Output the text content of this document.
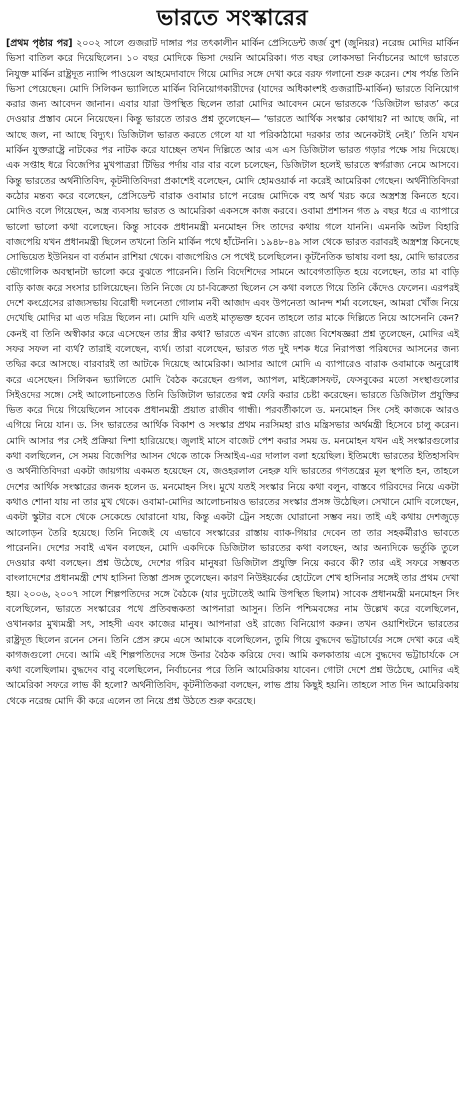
ভারতে সংস্কারের

[প্রথম পৃষ্ঠার পর] ২০০২ সালে গুজরাট দাঙ্গার পর তৎকালীন মার্কিন প্রেসিডেন্ট জর্জ বুশ (জুনিয়র) নরেন্দ্র মোদির মার্কিন ভিসা বাতিল করে দিয়েছিলেন। ১০ বছর মোদিকে ভিসা দেয়নি আমেরিকা। গত বছর লোকসভা নির্বাচনের আগে ভারতে নিযুক্ত মার্কিন রাষ্ট্রদূত ন্যান্সি পাওয়েল আহমেদাবাদে গিয়ে মোদির সঙ্গে দেখা করে বরফ গলানো শুরু করেন। শেষ পর্যন্ত তিনি ভিসা পেয়েছেন। মোদি সিলিকন ভ্যালিতে মার্কিন বিনিয়োগকারীদের (যাদের অধিকাংশই গুজরাটি-মার্কিন) ভারতে বিনিয়োগ করার জন্য আবেদন জানান। এবার যারা উপস্থিত ছিলেন তারা মোদির আবেদন মেনে ভারতকে ‘ডিজিটাল ভারত’ করে দেওয়ার প্রস্তাব মেনে নিয়েছেন। কিন্তু ভারতে তারও প্রশ্ন তুলেছেন— ‘ভারতে আর্থিক সংস্কার কোথায়? না আছে জমি, না আছে জল, না আছে বিদ্যুৎ। ডিজিটাল ভারত করতে গেলে যা যা পরিকাঠামো দরকার তার অনেকটাই নেই।’ তিনি যখন মার্কিন যুক্তরাষ্ট্রে নাটকের পর নাটক করে যাচ্ছেন তখন দিল্লিতে আর এস এস ডিজিটাল ভারত গড়ার পক্ষে সায় দিয়েছে। এক সপ্তাহ ধরে বিজেপির মুখপাত্ররা টিভির পর্দায় বার বার বলে চলেছেন, ডিজিটাল হলেই ভারতে স্বর্গরাজ্য নেমে আসবে। কিন্তু ভারতের অর্থনীতিবিদ, কূটনীতিবিদরা প্রকাশেই বলেছেন, মোদি হোমওয়ার্ক না করেই আমেরিকা গেছেন। অর্থনীতিবিদরা কঠোর মন্তব্য করে বলেছেন, প্রেসিডেন্ট বারাক ওবামার চাপে নরেন্দ্র মোদিকে বহু অর্থ খরচ করে অস্ত্রশস্ত্র কিনতে হবে। মোদিও বলে গিয়েছেন, অস্ত্র ব্যবসায় ভারত ও আমেরিকা একসঙ্গে কাজ করবে। ওবামা প্রশাসন গত ৯ বছর ধরে এ ব্যাপারে ভালো ভালো কথা বলেছেন। কিন্তু সাবেক প্রধানমন্ত্রী মনমোহন সিং তাদের কথায় গলে যাননি। এমনকি অটল বিহারি বাজপেয়ি যখন প্রধানমন্ত্রী ছিলেন তখনো তিনি মার্কিন পথে হাঁটেননি। ১৯৪৮-৪৯ সাল থেকে ভারত বরাবরই অস্ত্রশস্ত্র কিনেছে সোভিয়েত ইউনিয়ন বা বর্তমান রাশিয়া থেকে। বাজপেয়িও সে পথেই চলেছিলেন। কূটনৈতিক ভাষায় বলা হয়, মোদি ভারতের ভৌগোলিক অবস্থানটা ভালো করে বুঝতে পারেননি। তিনি বিদেশিদের সামনে আবেগতাড়িত হয়ে বলেছেন, তার মা বাড়ি বাড়ি কাজ করে সংসার চালিয়েছেন। তিনি নিজে যে চা-বিক্রেতা ছিলেন সে কথা বলতে গিয়ে তিনি কেঁদেও ফেলেন। এরপরই দেশে কংগ্রেসের রাজ্যসভায় বিরোধী দলনেতা গোলাম নবী আজাদ এবং উপনেতা আনন্দ শর্মা বলেছেন, আমরা খোঁজ নিয়ে দেখেছি মোদির মা এত দরিদ্র ছিলেন না। মোদি যদি এতই মাতৃভক্ত হবেন তাহলে তার মাকে দিল্লিতে নিয়ে আসেননি কেন? কেনই বা তিনি অস্বীকার করে এসেছেন তার স্ত্রীর কথা? ভারতে এখন রাজ্যে রাজ্যে বিশেষজ্ঞরা প্রশ্ন তুলেছেন, মোদির এই সফর সফল না ব্যর্থ? তারাই বলেছেন, ব্যর্থ। তারা বলেছেন, ভারত গত দুই দশক ধরে নিরাপত্তা পরিষদের আসনের জন্য তদ্বির করে আসছে। বারবারই তা আটকে দিয়েছে আমেরিকা। আসার আগে মোদি এ ব্যাপারেও বারাক ওবামাকে অনুরোধ করে এসেছেন। সিলিকন ভ্যালিতে মোদি বৈঠক করেছেন গুগল, অ্যাপল, মাইক্রোসফট, ফেসবুকের মতো সংস্থাগুলোর সিইওদের সঙ্গে। সেই আলোচনাতেও তিনি ডিজিটাল ভারতের স্বপ্ন ফেরি করার চেষ্টা করেছেন। ভারতে ডিজিটাল প্রযুক্তির ভিত করে দিয়ে গিয়েছিলেন সাবেক প্রধানমন্ত্রী প্রয়াত রাজীব গান্ধী। পরবর্তীকালে ড. মনমোহন সিং সেই কাজকে আরও এগিয়ে নিয়ে যান। ড. সিং ভারতের আর্থিক বিকাশ ও সংস্কার প্রথম নরসিমহা রাও মন্ত্রিসভার অর্থমন্ত্রী হিসেবে চালু করেন। মোদি আসার পর সেই প্রক্রিয়া দিশা হারিয়েছে। জুলাই মাসে বাজেট পেশ করার সময় ড. মনমোহন যখন এই সংস্কারগুলোর কথা বলছিলেন, সে সময় বিজেপির আসন থেকে তাকে সিআইএ-এর দালাল বলা হয়েছিল। ইতিমধ্যে ভারতের ইতিহাসবিদ ও অর্থনীতিবিদরা একটা জায়গায় একমত হয়েছেন যে, জওহরলাল নেহরু যদি ভারতের গণতন্ত্রের মূল স্থপতি হন, তাহলে দেশের আর্থিক সংস্কারের জনক হলেন ড. মনমোহন সিং। মুখে যতই সংস্কার নিয়ে কথা বলুন, বাস্তবে গরিবদের নিয়ে একটা কথাও শোনা যায় না তার মুখ থেকে। ওবামা-মোদির আলোচনায়ও ভারতের সংস্কার প্রসঙ্গ উঠেছিল। সেখানে মোদি বলেছেন, একটা স্কুটার বসে থেকে সেকেন্ডে ঘোরানো যায়, কিন্তু একটা ট্রেন সহজে ঘোরানো সম্ভব নয়। তাই এই কথায় দেশজুড়ে আলোড়ন তৈরি হয়েছে। তিনি নিজেই যে এভাবে সংস্কারের রাস্তায় ব্যাক-গিয়ার দেবেন তা তার সহকর্মীরাও ভাবতে পারেননি। দেশের সবাই এখন বলছেন, মোদি একদিকে ডিজিটাল ভারতের কথা বলছেন, আর অন্যদিকে ভর্তুকি তুলে দেওয়ার কথা বলছেন। প্রশ্ন উঠেছে, দেশের গরিব মানুষরা ডিজিটাল প্রযুক্তি নিয়ে করবে কী? তার এই সফরে সম্ভবত বাংলাদেশের প্রধানমন্ত্রী শেখ হাসিনা তিস্তা প্রসঙ্গ তুলেছেন। কারণ নিউইয়র্কের হোটেলে শেখ হাসিনার সঙ্গেই তার প্রথম দেখা হয়। ২০০৬, ২০০৭ সালে শিল্পপতিদের সঙ্গে বৈঠকে (যার দুটোতেই আমি উপস্থিত ছিলাম) সাবেক প্রধানমন্ত্রী মনমোহন সিং বলেছিলেন, ভারতে সংস্কারের পথে প্রতিবন্ধকতা আপনারা আসুন। তিনি পশ্চিমবঙ্গের নাম উল্লেখ করে বলেছিলেন, ওখানকার মুখ্যমন্ত্রী সৎ, সাহসী এবং কাজের মানুষ। আপনারা ওই রাজ্যে বিনিয়োগ করুন। তখন ওয়াশিংটনে ভারতের রাষ্ট্রদূত ছিলেন রনেন সেন। তিনি প্রেস রুমে এসে আমাকে বলেছিলেন, তুমি গিয়ে বুদ্ধদেব ভট্টাচার্যের সঙ্গে দেখা করে এই কাগজগুলো দেবে। আমি এই শিল্পপতিদের সঙ্গে উনার বৈঠক করিয়ে দেব। আমি কলকাতায় এসে বুদ্ধদেব ভট্টাচার্যকে সে কথা বলেছিলাম। বুদ্ধদেব বাবু বলেছিলেন, নির্বাচনের পরে তিনি আমেরিকায় যাবেন। গোটা দেশে প্রশ্ন উঠেছে, মোদির এই আমেরিকা সফরে লাভ কী হলো? অর্থনীতিবিদ, কূটনীতিকরা বলছেন, লাভ প্রায় কিছুই হয়নি। তাহলে সাত দিন আমেরিকায় থেকে নরেন্দ্র মোদি কী করে এলেন তা নিয়ে প্রশ্ন উঠতে শুরু করেছে।
